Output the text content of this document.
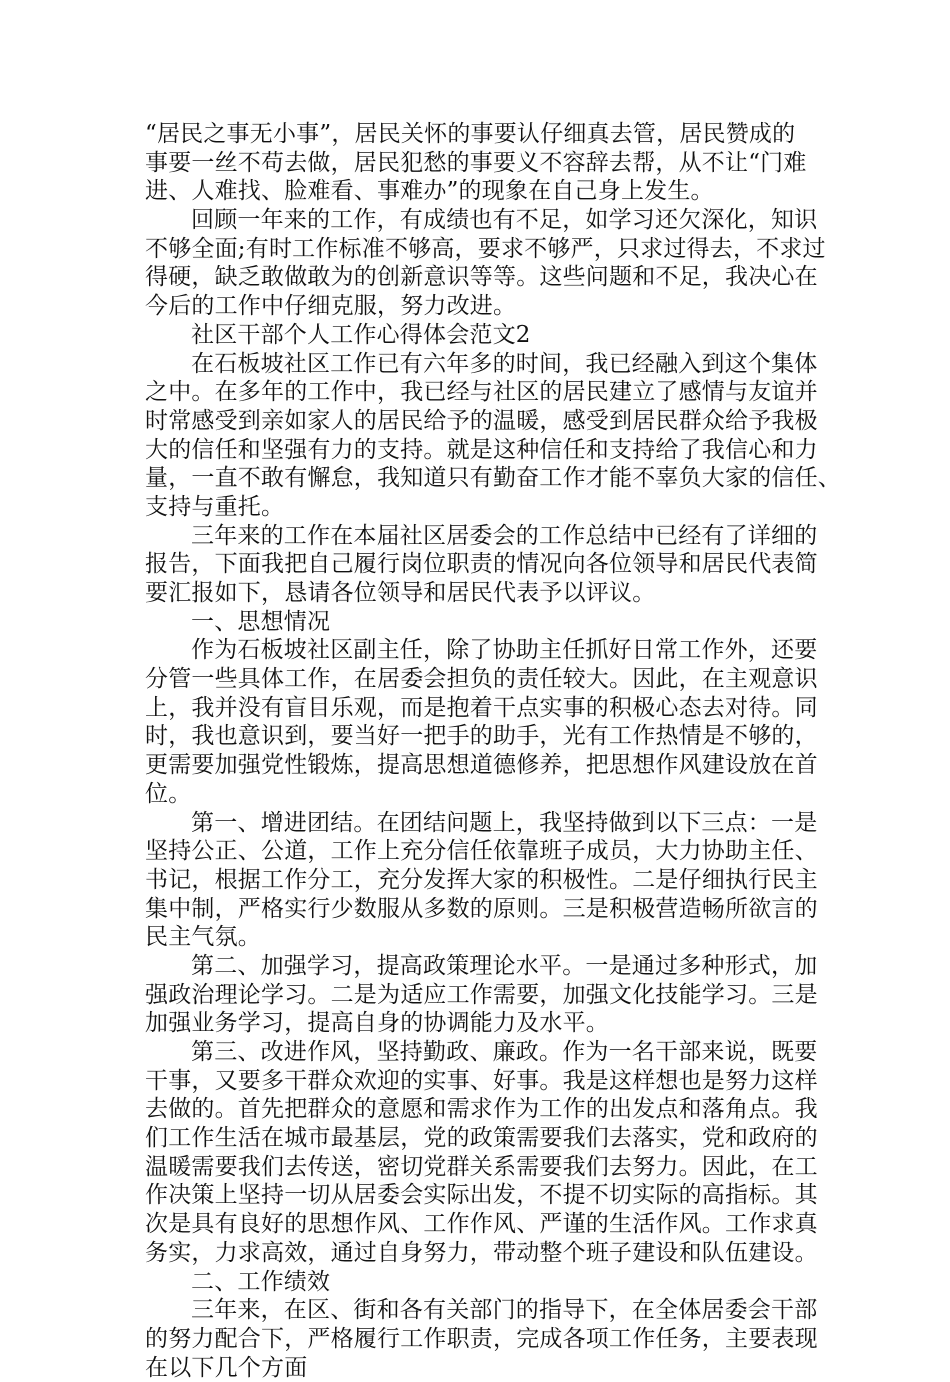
“居民之事无小事”，居民关怀的事要认仔细真去管，居民赞成的
事要一丝不苟去做，居民犯愁的事要义不容辞去帮，从不让“门难
进、人难找、脸难看、事难办”的现象在自己身上发生。
回顾一年来的工作，有成绩也有不足，如学习还欠深化，知识
不够全面;有时工作标准不够高，要求不够严，只求过得去，不求过
得硬，缺乏敢做敢为的创新意识等等。这些问题和不足，我决心在
今后的工作中仔细克服，努力改进。
社区干部个人工作心得体会范文2
在石板坡社区工作已有六年多的时间，我已经融入到这个集体
之中。在多年的工作中，我已经与社区的居民建立了感情与友谊并
时常感受到亲如家人的居民给予的温暖，感受到居民群众给予我极
大的信任和坚强有力的支持。就是这种信任和支持给了我信心和力
量，一直不敢有懈怠，我知道只有勤奋工作才能不辜负大家的信任、
支持与重托。
三年来的工作在本届社区居委会的工作总结中已经有了详细的
报告，下面我把自己履行岗位职责的情况向各位领导和居民代表简
要汇报如下，恳请各位领导和居民代表予以评议。
一、思想情况
作为石板坡社区副主任，除了协助主任抓好日常工作外，还要
分管一些具体工作，在居委会担负的责任较大。因此，在主观意识
上，我并没有盲目乐观，而是抱着干点实事的积极心态去对待。同
时，我也意识到，要当好一把手的助手，光有工作热情是不够的，
更需要加强党性锻炼，提高思想道德修养，把思想作风建设放在首
位。
第一、增进团结。在团结问题上，我坚持做到以下三点：一是
坚持公正、公道，工作上充分信任依靠班子成员，大力协助主任、
书记，根据工作分工，充分发挥大家的积极性。二是仔细执行民主
集中制，严格实行少数服从多数的原则。三是积极营造畅所欲言的
民主气氛。
第二、加强学习，提高政策理论水平。一是通过多种形式，加
强政治理论学习。二是为适应工作需要，加强文化技能学习。三是
加强业务学习，提高自身的协调能力及水平。
第三、改进作风，坚持勤政、廉政。作为一名干部来说，既要
干事，又要多干群众欢迎的实事、好事。我是这样想也是努力这样
去做的。首先把群众的意愿和需求作为工作的出发点和落角点。我
们工作生活在城市最基层，党的政策需要我们去落实，党和政府的
温暖需要我们去传送，密切党群关系需要我们去努力。因此，在工
作决策上坚持一切从居委会实际出发，不提不切实际的高指标。其
次是具有良好的思想作风、工作作风、严谨的生活作风。工作求真
务实，力求高效，通过自身努力，带动整个班子建设和队伍建设。
二、工作绩效
三年来，在区、街和各有关部门的指导下，在全体居委会干部
的努力配合下，严格履行工作职责，完成各项工作任务，主要表现
在以下几个方面
